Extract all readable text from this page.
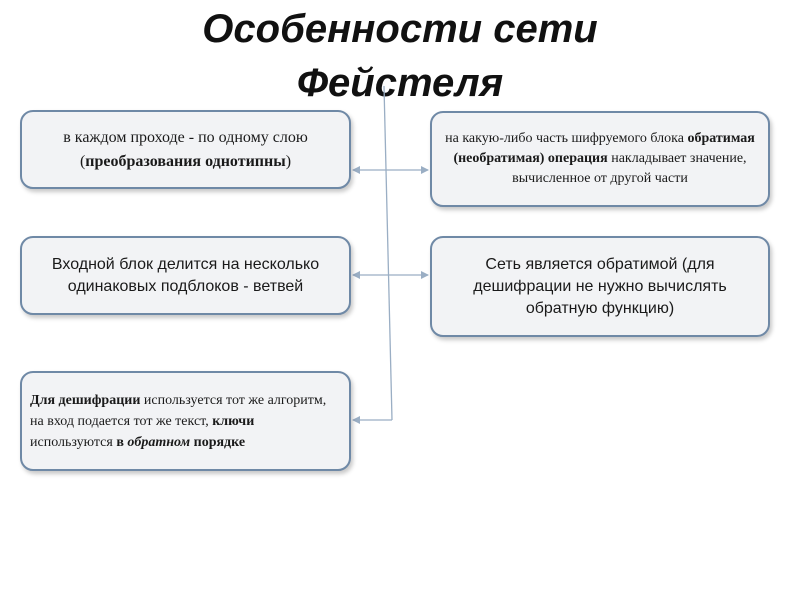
Особенности сети Фейстеля
в каждом проходе - по одному слою (преобразования однотипны)
на какую-либо часть шифруемого блока обратимая (необратимая) операция накладывает значение, вычисленное от другой части
Входной блок делится на несколько одинаковых подблоков - ветвей
Сеть является обратимой (для дешифрации не нужно вычислять обратную функцию)
Для дешифрации используется тот же алгоритм, на вход подается тот же текст, ключи используются в обратном порядке
